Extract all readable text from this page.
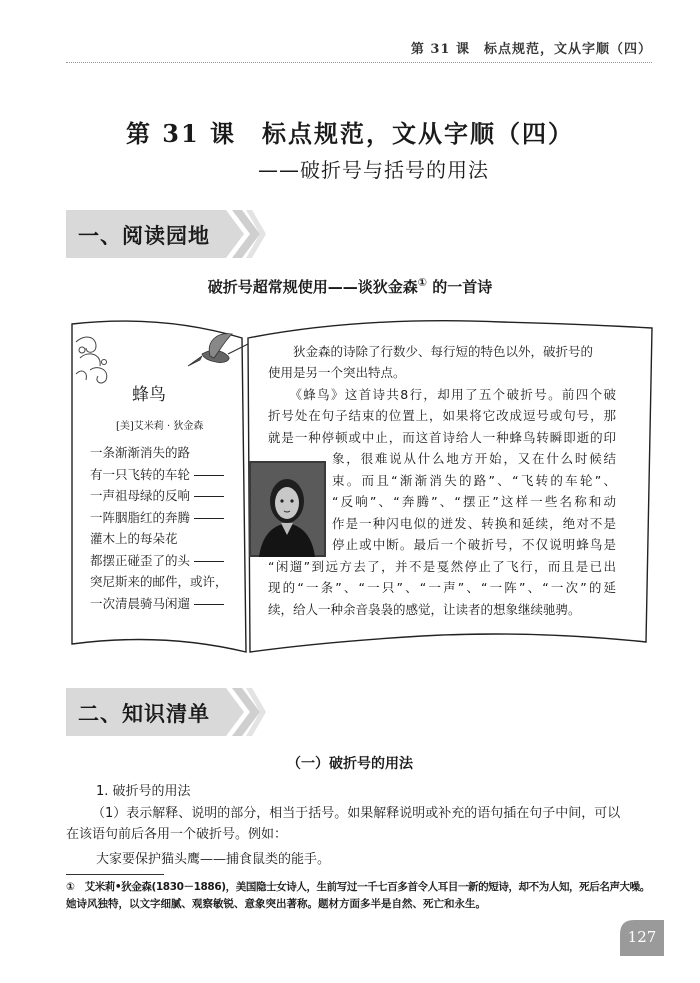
第 31 课　标点规范，文从字顺（四）
第 31 课　标点规范，文从字顺（四）
——破折号与括号的用法
一、阅读园地
破折号超常规使用——谈狄金森① 的一首诗
蜂鸟
[美]艾米莉 · 狄金森
一条渐渐消失的路
有一只飞转的车轮
一声祖母绿的反响
一阵胭脂红的奔腾
灌木上的每朵花
都摆正碰歪了的头
突尼斯来的邮件，或许，
一次清晨骑马闲遛
　　狄金森的诗除了行数少、每行短的特色以外，破折号的
使用是另一个突出特点。
　　《蜂鸟》这首诗共8行，却用了五个破折号。前四个破
折号处在句子结束的位置上，如果将它改成逗号或句号，那
就是一种停顿或中止，而这首诗给人一种蜂鸟转瞬即逝的印
象，很难说从什么地方开始，又在什么时候结
束。而且“渐渐消失的路”、“飞转的车轮”、
“反响”、“奔腾”、“摆正”这样一些名称和动
作是一种闪电似的迸发、转换和延续，绝对不是
停止或中断。最后一个破折号，不仅说明蜂鸟是
“闲遛”到远方去了，并不是戛然停止了飞行，而且是已出
现的“一条”、“一只”、“一声”、“一阵”、“一次”的延
续，给人一种余音袅袅的感觉，让读者的想象继续驰骋。
二、知识清单
（一）破折号的用法
1. 破折号的用法
（1）表示解释、说明的部分，相当于括号。如果解释说明或补充的语句插在句子中间，可以
在该语句前后各用一个破折号。例如：
大家要保护猫头鹰——捕食鼠类的能手。
①　艾米莉•狄金森(1830－1886)，美国隐士女诗人，生前写过一千七百多首令人耳目一新的短诗，却不为人知，死后名声大噪。
她诗风独特，以文字细腻、观察敏锐、意象突出著称。题材方面多半是自然、死亡和永生。
127
